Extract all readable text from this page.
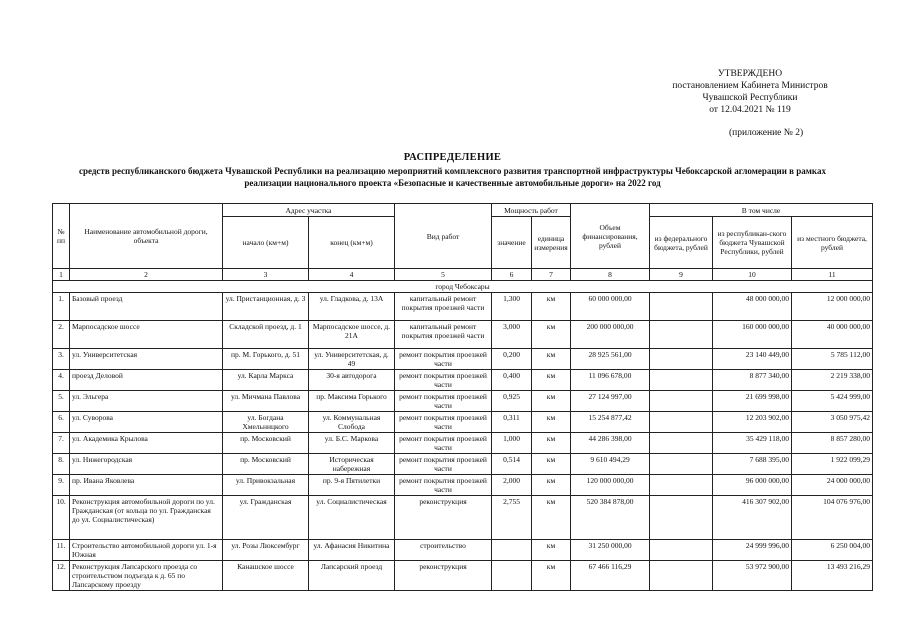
УТВЕРЖДЕНО
постановлением Кабинета Министров
Чувашской Республики
от 12.04.2021 № 119
(приложение № 2)
РАСПРЕДЕЛЕНИЕ
средств республиканского бюджета Чувашской Республики на реализацию мероприятий комплексного развития транспортной инфраструктуры Чебоксарской агломерации в рамках
реализации национального проекта «Безопасные и качественные автомобильные дороги» на 2022 год
№ пп	Наименование автомобильной дороги, объекта	Адрес участка		Вид работ	Мощность работ		Объем финансирования, рублей	В том числе		
		начало (км+м)	конец (км+м)		значение	единица измерения		из федерального бюджета, рублей	из республикан-ского бюджета Чувашской Республики, рублей	из местного бюджета, рублей
1	2	3	4	5	6	7	8	9	10	11
город Чебоксары										
1.	Базовый проезд	ул. Пристанционная, д. 3	ул. Гладкова, д. 13А	капитальный ремонт покрытия проезжей части	1,300	км	60 000 000,00		48 000 000,00	12 000 000,00
2.	Марпосадское шоссе	Складской проезд, д. 1	Марпосадское шоссе, д. 21А	капитальный ремонт покрытия проезжей части	3,000	км	200 000 000,00		160 000 000,00	40 000 000,00
3.	ул. Университетская	пр. М. Горького, д. 51	ул. Университетская, д. 49	ремонт покрытия проезжей части	0,200	км	28 925 561,00		23 140 449,00	5 785 112,00
4.	проезд Деловой	ул. Карла Маркса	30-я автодорога	ремонт покрытия проезжей части	0,400	км	11 096 678,00		8 877 340,00	2 219 338,00
5.	ул. Эльгера	ул. Мичмана Павлова	пр. Максима Горького	ремонт покрытия проезжей части	0,925	км	27 124 997,00		21 699 998,00	5 424 999,00
6.	ул. Суворова	ул. Богдана Хмельницкого	ул. Коммунальная Слобода	ремонт покрытия проезжей части	0,311	км	15 254 877,42		12 203 902,00	3 050 975,42
7.	ул. Академика Крылова	пр. Московский	ул. Б.С. Маркова	ремонт покрытия проезжей части	1,000	км	44 286 398,00		35 429 118,00	8 857 280,00
8.	ул. Нижегородская	пр. Московский	Историческая набережная	ремонт покрытия проезжей части	0,514	км	9 610 494,29		7 688 395,00	1 922 099,29
9.	пр. Ивана Яковлева	ул. Привокзальная	пр. 9-я Пятилетки	ремонт покрытия проезжей части	2,000	км	120 000 000,00		96 000 000,00	24 000 000,00
10.	Реконструкция автомобильной дороги по ул. Гражданская (от кольца по ул. Гражданская до ул. Социалистическая)	ул. Гражданская	ул. Социалистическая	реконструкция	2,755	км	520 384 878,00		416 307 902,00	104 076 976,00
11.	Строительство автомобильной дороги ул. 1-я Южная	ул. Розы Люксембург	ул. Афанасия Никитина	строительство		км	31 250 000,00		24 999 996,00	6 250 004,00
12.	Реконструкция Лапсарского проезда со строительством подъезда к д. 65 по Лапсарскому проезду	Канашское шоссе	Лапсарский проезд	реконструкция		км	67 466 116,29		53 972 900,00	13 493 216,29
